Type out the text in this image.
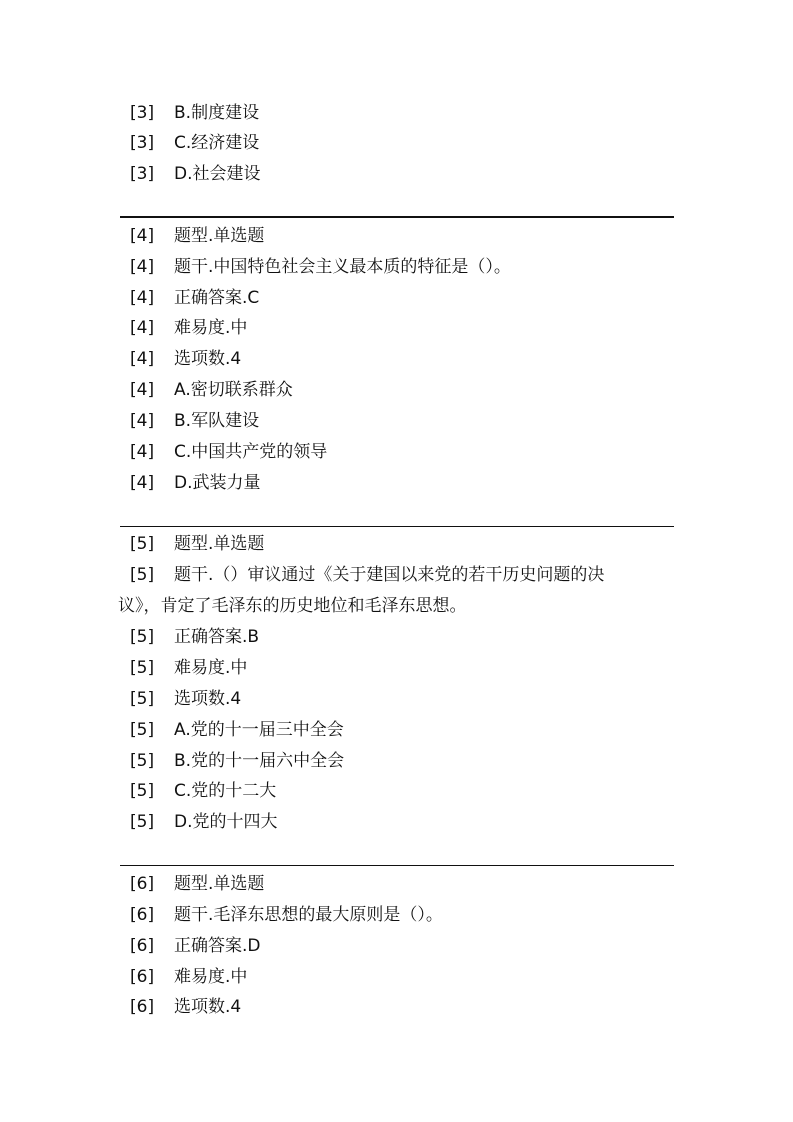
[3] B.制度建设
[3] C.经济建设
[3] D.社会建设
[4] 题型.单选题
[4] 题干.中国特色社会主义最本质的特征是（）。
[4] 正确答案.C
[4] 难易度.中
[4] 选项数.4
[4] A.密切联系群众
[4] B.军队建设
[4] C.中国共产党的领导
[4] D.武装力量
[5] 题型.单选题
[5] 题干.（）审议通过《关于建国以来党的若干历史问题的决
议》，肯定了毛泽东的历史地位和毛泽东思想。
[5] 正确答案.B
[5] 难易度.中
[5] 选项数.4
[5] A.党的十一届三中全会
[5] B.党的十一届六中全会
[5] C.党的十二大
[5] D.党的十四大
[6] 题型.单选题
[6] 题干.毛泽东思想的最大原则是（）。
[6] 正确答案.D
[6] 难易度.中
[6] 选项数.4
